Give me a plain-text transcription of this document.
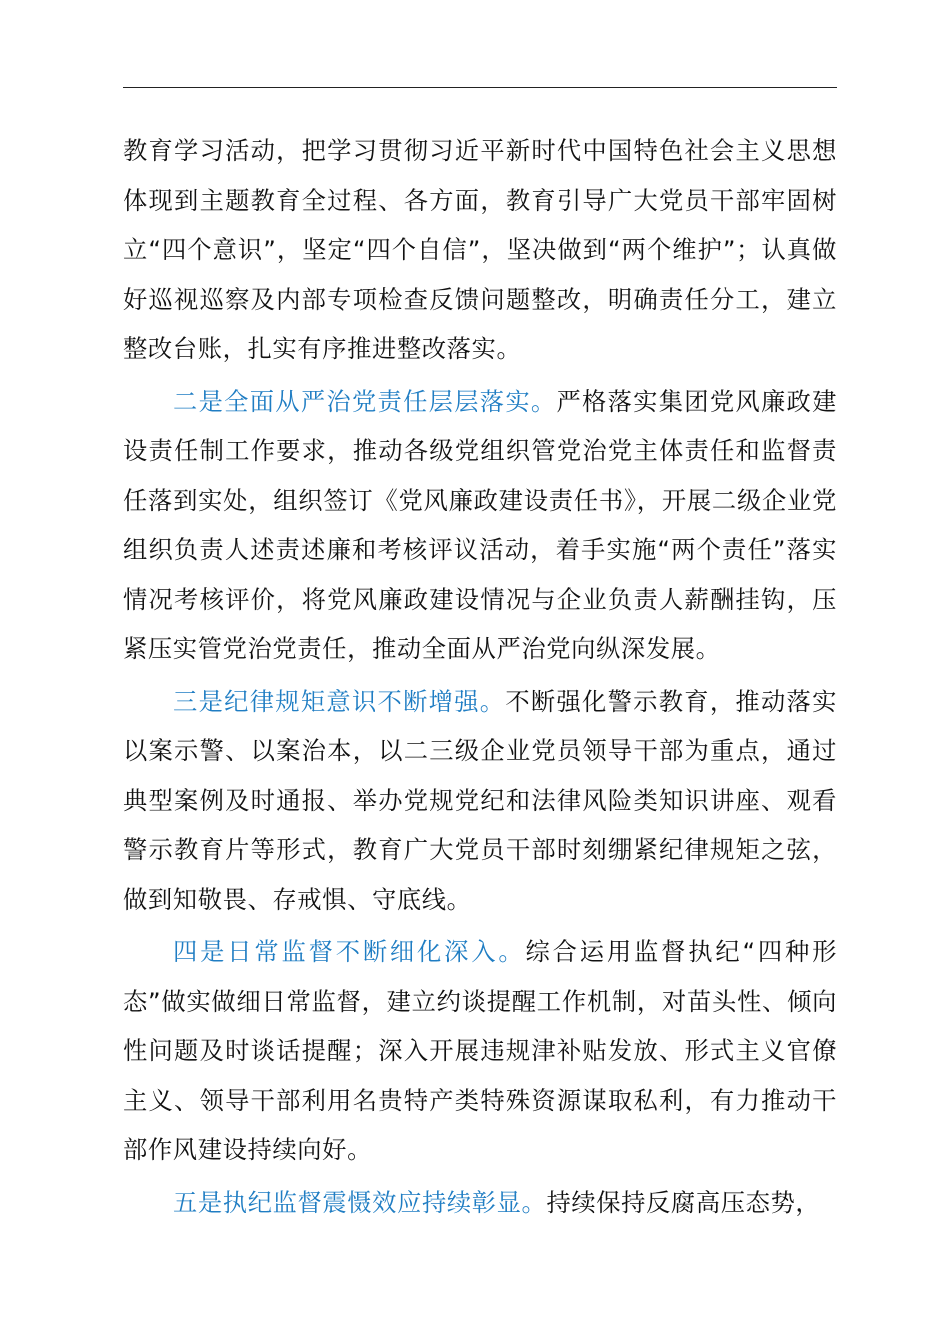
教育学习活动，把学习贯彻习近平新时代中国特色社会主义思想体现到主题教育全过程、各方面，教育引导广大党员干部牢固树立“四个意识”，坚定“四个自信”，坚决做到“两个维护”；认真做好巡视巡察及内部专项检查反馈问题整改，明确责任分工，建立整改台账，扎实有序推进整改落实。

二是全面从严治党责任层层落实。严格落实集团党风廉政建设责任制工作要求，推动各级党组织管党治党主体责任和监督责任落到实处，组织签订《党风廉政建设责任书》，开展二级企业党组织负责人述责述廉和考核评议活动，着手实施“两个责任”落实情况考核评价，将党风廉政建设情况与企业负责人薪酬挂钩，压紧压实管党治党责任，推动全面从严治党向纵深发展。

三是纪律规矩意识不断增强。不断强化警示教育，推动落实以案示警、以案治本，以二三级企业党员领导干部为重点，通过典型案例及时通报、举办党规党纪和法律风险类知识讲座、观看警示教育片等形式，教育广大党员干部时刻绷紧纪律规矩之弦，做到知敬畏、存戒惧、守底线。

四是日常监督不断细化深入。综合运用监督执纪“四种形态”做实做细日常监督，建立约谈提醒工作机制，对苗头性、倾向性问题及时谈话提醒；深入开展违规津补贴发放、形式主义官僚主义、领导干部利用名贵特产类特殊资源谋取私利，有力推动干部作风建设持续向好。

五是执纪监督震慑效应持续彰显。持续保持反腐高压态势，
